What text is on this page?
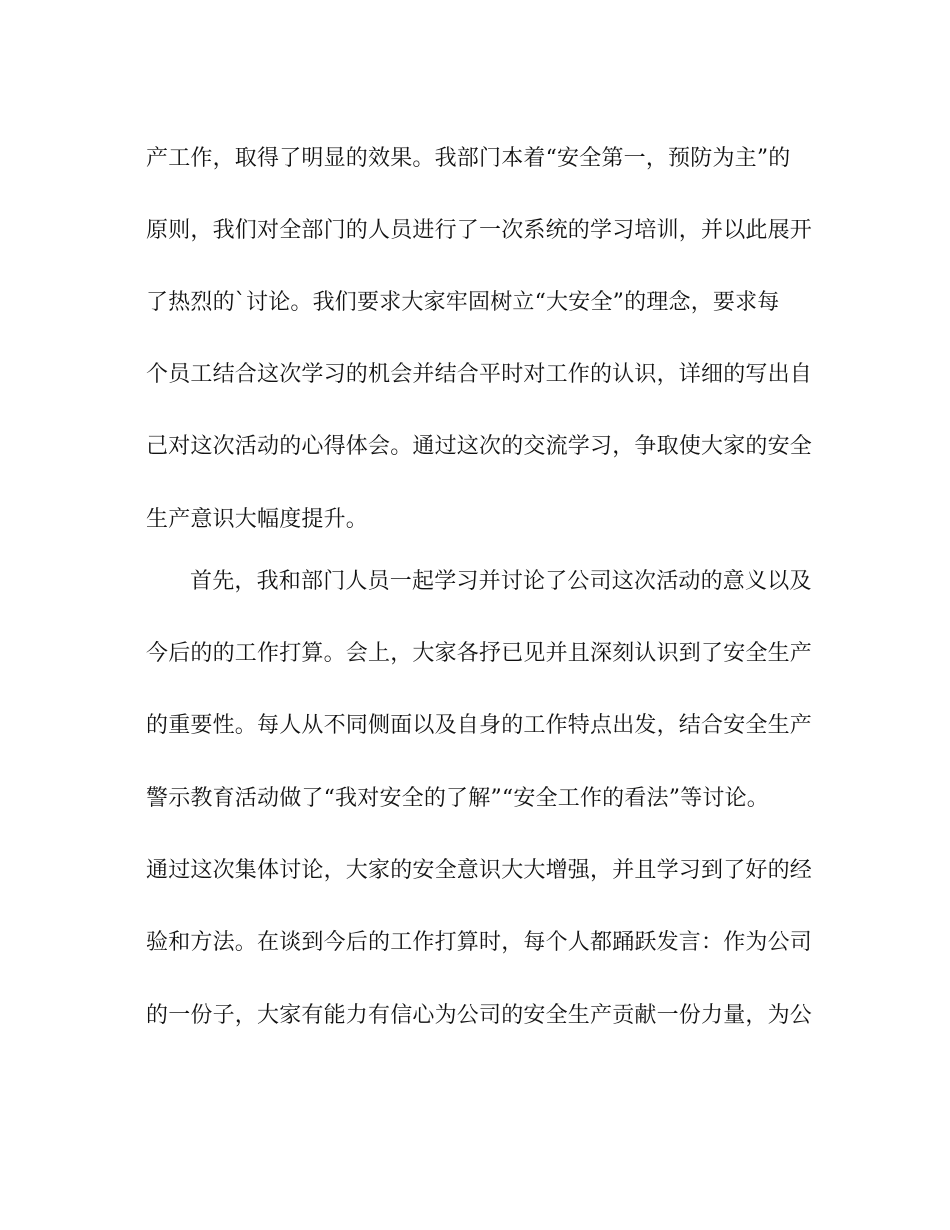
产工作，取得了明显的效果。我部门本着“安全第一，预防为主”的
原则，我们对全部门的人员进行了一次系统的学习培训，并以此展开
了热烈的`讨论。我们要求大家牢固树立“大安全”的理念，要求每
个员工结合这次学习的机会并结合平时对工作的认识，详细的写出自
己对这次活动的心得体会。通过这次的交流学习，争取使大家的安全
生产意识大幅度提升。
首先，我和部门人员一起学习并讨论了公司这次活动的意义以及
今后的的工作打算。会上，大家各抒已见并且深刻认识到了安全生产
的重要性。每人从不同侧面以及自身的工作特点出发，结合安全生产
警示教育活动做了“我对安全的了解”“安全工作的看法”等讨论。
通过这次集体讨论，大家的安全意识大大增强，并且学习到了好的经
验和方法。在谈到今后的工作打算时，每个人都踊跃发言：作为公司
的一份子，大家有能力有信心为公司的安全生产贡献一份力量，为公
